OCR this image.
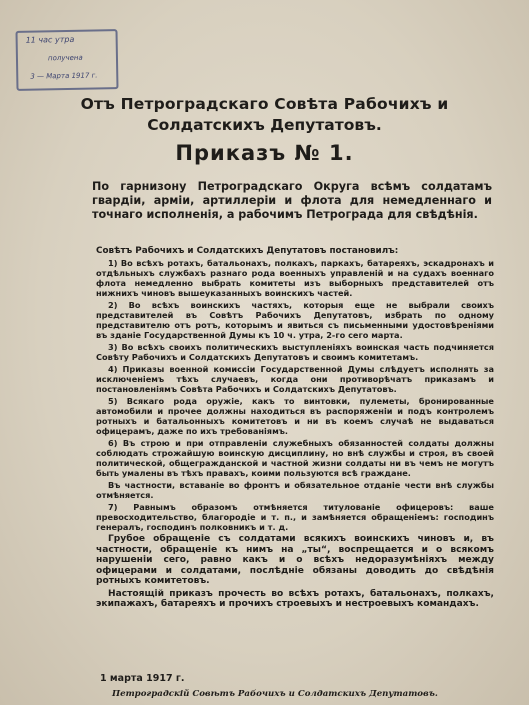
11 час утра
получена
3 — Марта 1917 г.
Отъ Петроградскаго Совѣта Рабочихъ и
Солдатскихъ Депутатовъ.
Приказъ № 1.
По гарнизону Петроградскаго Округа всѣмъ солдатамъ гвардіи, арміи, артиллеріи и флота для немедленнаго и точнаго исполненія, а рабочимъ Петрограда для свѣдѣнія.

Совѣтъ Рабочихъ и Солдатскихъ Депутатовъ постановилъ:

1) Во всѣхъ ротахъ, батальонахъ, полкахъ, паркахъ, батареяхъ, эскадронахъ и отдѣльныхъ службахъ разнаго рода военныхъ управленій и на судахъ военнаго флота немедленно выбрать комитеты изъ выборныхъ представителей отъ нижнихъ чиновъ вышеуказанныхъ воинскихъ частей.

2) Во всѣхъ воинскихъ частяхъ, которыя еще не выбрали своихъ представителей въ Совѣтъ Рабочихъ Депутатовъ, избрать по одному представителю отъ ротъ, которымъ и явиться съ письменными удостовѣреніями въ зданіе Государственной Думы къ 10 ч. утра, 2-го сего марта.

3) Во всѣхъ своихъ политическихъ выступленіяхъ воинская часть подчиняется Совѣту Рабочихъ и Солдатскихъ Депутатовъ и своимъ комитетамъ.

4) Приказы военной комиссіи Государственной Думы слѣдуетъ исполнять за исключеніемъ тѣхъ случаевъ, когда они противорѣчатъ приказамъ и постановленіямъ Совѣта Рабочихъ и Солдатскихъ Депутатовъ.

5) Всякаго рода оружіе, какъ то винтовки, пулеметы, бронированные автомобили и прочее должны находиться въ распоряженіи и подъ контролемъ ротныхъ и батальонныхъ комитетовъ и ни въ коемъ случаѣ не выдаваться офицерамъ, даже по ихъ требованіямъ.

6) Въ строю и при отправленіи служебныхъ обязанностей солдаты должны соблюдать строжайшую воинскую дисциплину, но внѣ службы и строя, въ своей политической, общегражданской и частной жизни солдаты ни въ чемъ не могутъ быть умалены въ тѣхъ правахъ, коими пользуются всѣ граждане.

Въ частности, вставаніе во фронтъ и обязательное отданіе чести внѣ службы отмѣняется.

7) Равнымъ образомъ отмѣняется титулованіе офицеровъ: ваше превосходительство, благородіе и т. п., и замѣняется обращеніемъ: господинъ генералъ, господинъ полковникъ и т. д.

Грубое обращеніе съ солдатами всякихъ воинскихъ чиновъ и, въ частности, обращеніе къ нимъ на „ты“, воспрещается и о всякомъ нарушеніи сего, равно какъ и о всѣхъ недоразумѣніяхъ между офицерами и солдатами, послѣдніе обязаны доводить до свѣдѣнія ротныхъ комитетовъ.

Настоящій приказъ прочесть во всѣхъ ротахъ, батальонахъ, полкахъ, экипажахъ, батареяхъ и прочихъ строевыхъ и нестроевыхъ командахъ.

1 марта 1917 г.
Петроградскій Совѣтъ Рабочихъ и Солдатскихъ Депутатовъ.
